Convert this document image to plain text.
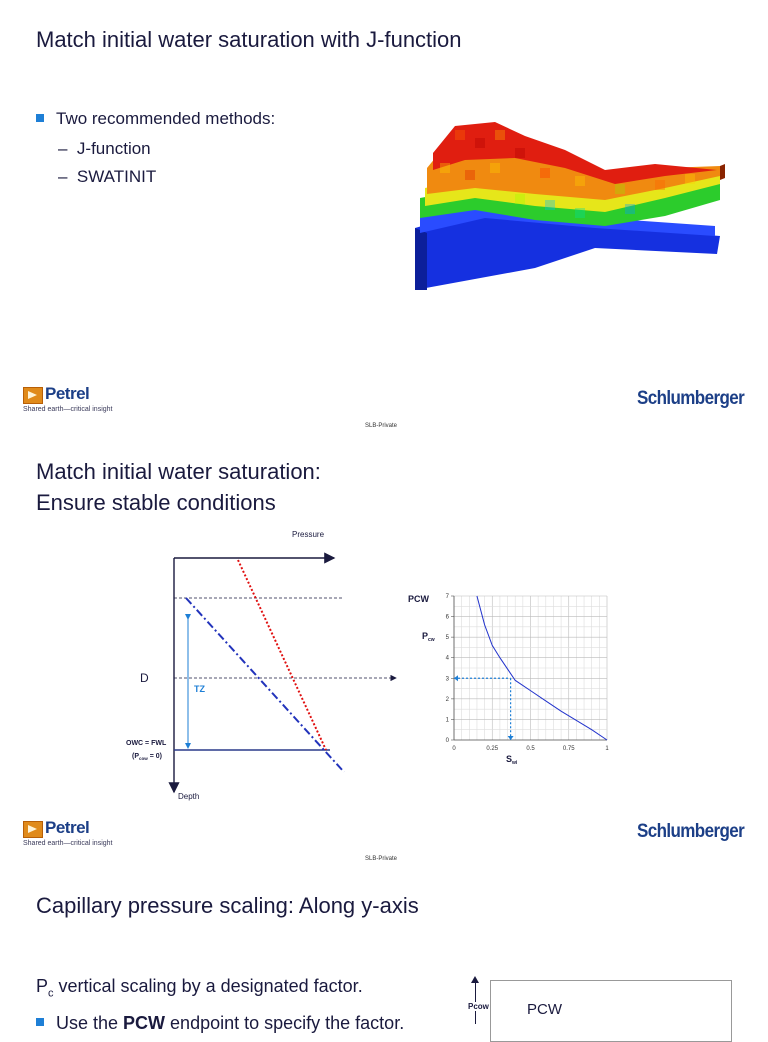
Match initial water saturation with J-function
Two recommended methods:
– J-function
– SWATINIT
Petrel
Shared earth—critical insight
Schlumberger
SLB-Private
Match initial water saturation:
Ensure stable conditions
Pressure
Depth
D
OWC = FWL
$(P_{cow} = 0)$
TZ
PCW
$P_{cw}$
$S_{wi}$
0
1
2
3
4
5
6
7
0	0.25	0.5	0.75	1
Petrel
Shared earth—critical insight
Schlumberger
SLB-Private
Capillary pressure scaling: Along y-axis
$P_c$ vertical scaling by a designated factor.
Use the PCW endpoint to specify the factor.
Pcow	PCW
